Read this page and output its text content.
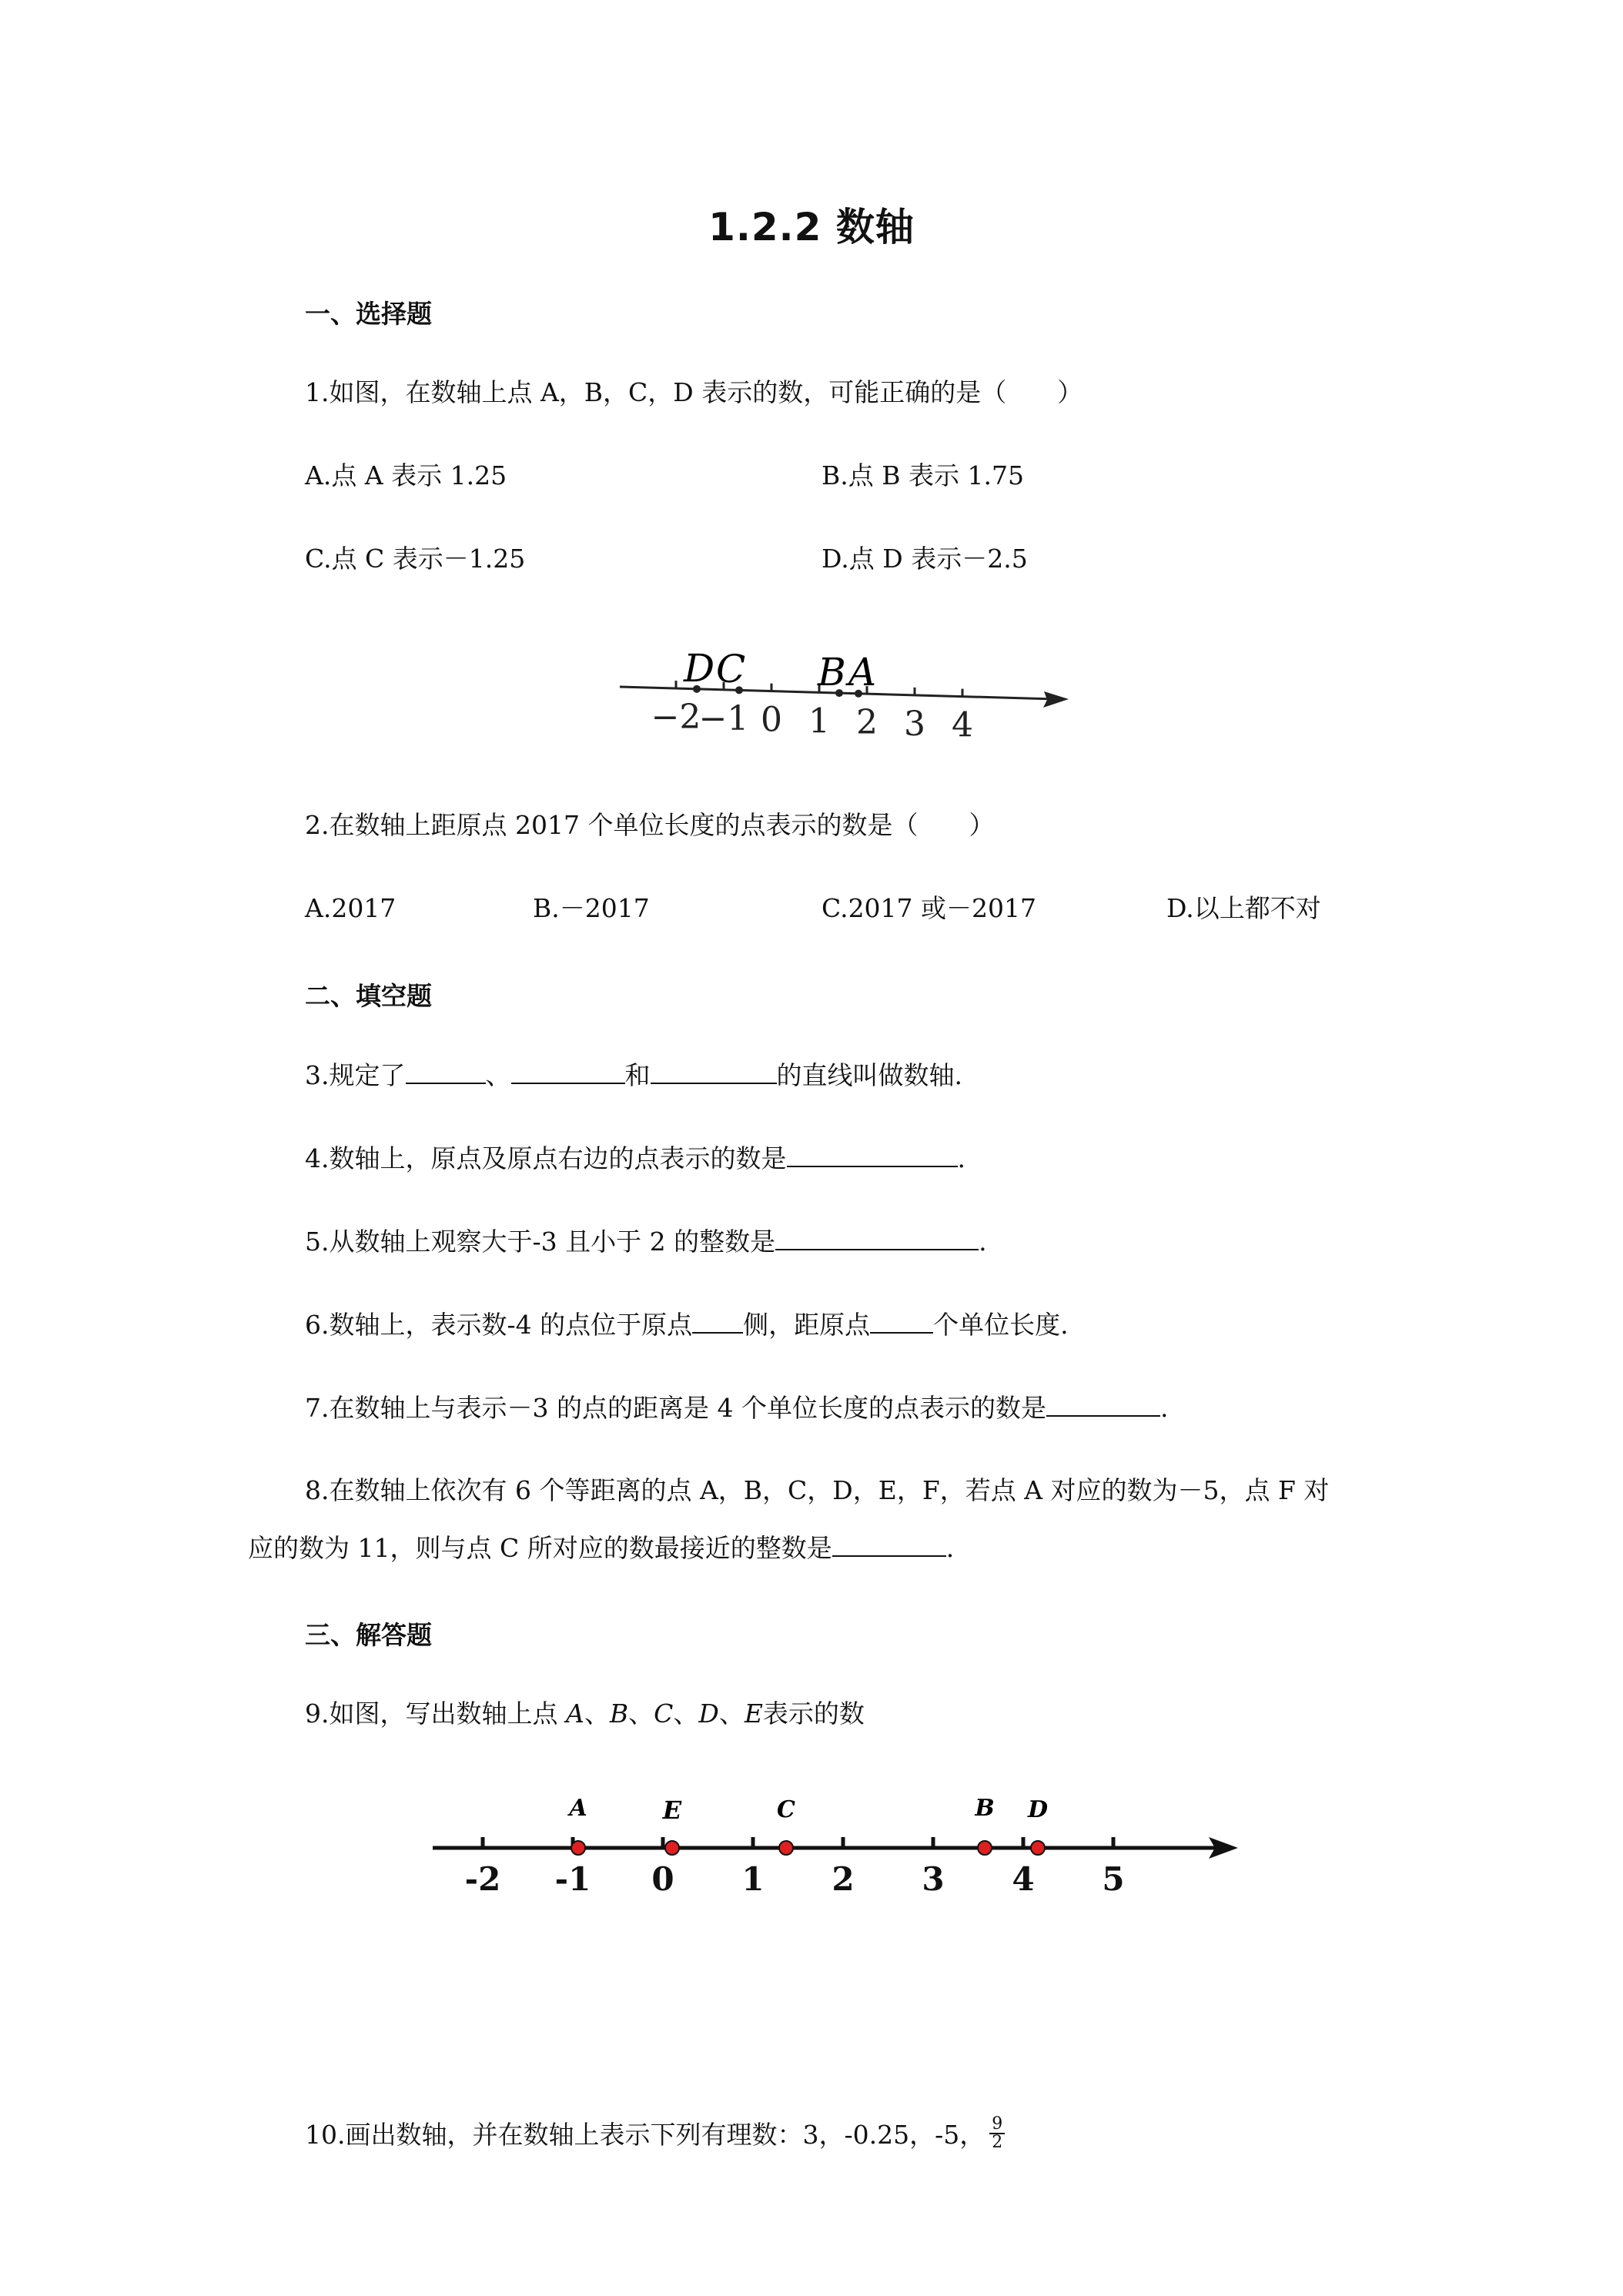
1.2.2 数轴
一、选择题
1.如图，在数轴上点 A，B，C，D 表示的数，可能正确的是（　　）
A.点 A 表示 1.25	B.点 B 表示 1.75
C.点 C 表示－1.25	D.点 D 表示－2.5
−2
−1 0 1 2 3 4
D C B A
2.在数轴上距原点 2017 个单位长度的点表示的数是（　　）
A.2017	B.－2017	C.2017 或－2017	D.以上都不对
二、填空题
3.规定了	、	和	的直线叫做数轴.
4.数轴上，原点及原点右边的点表示的数是	.
5.从数轴上观察大于-3 且小于 2 的整数是	.
6.数轴上，表示数-4 的点位于原点 侧，距原点 个单位长度.
7.在数轴上与表示－3 的点的距离是 4 个单位长度的点表示的数是	.
8.在数轴上依次有 6 个等距离的点 A，B，C，D，E，F，若点 A 对应的数为－5，点 F 对
应的数为 11，则与点 C 所对应的数最接近的整数是	.
三、解答题
9.如图，写出数轴上点 A、B、C、D、E表示的数
-2 -1 0 1 2 3 4 5
A	E	C	B D
10.画出数轴，并在数轴上表示下列有理数：3，-0.25，-5， $\frac{9}{2}$
